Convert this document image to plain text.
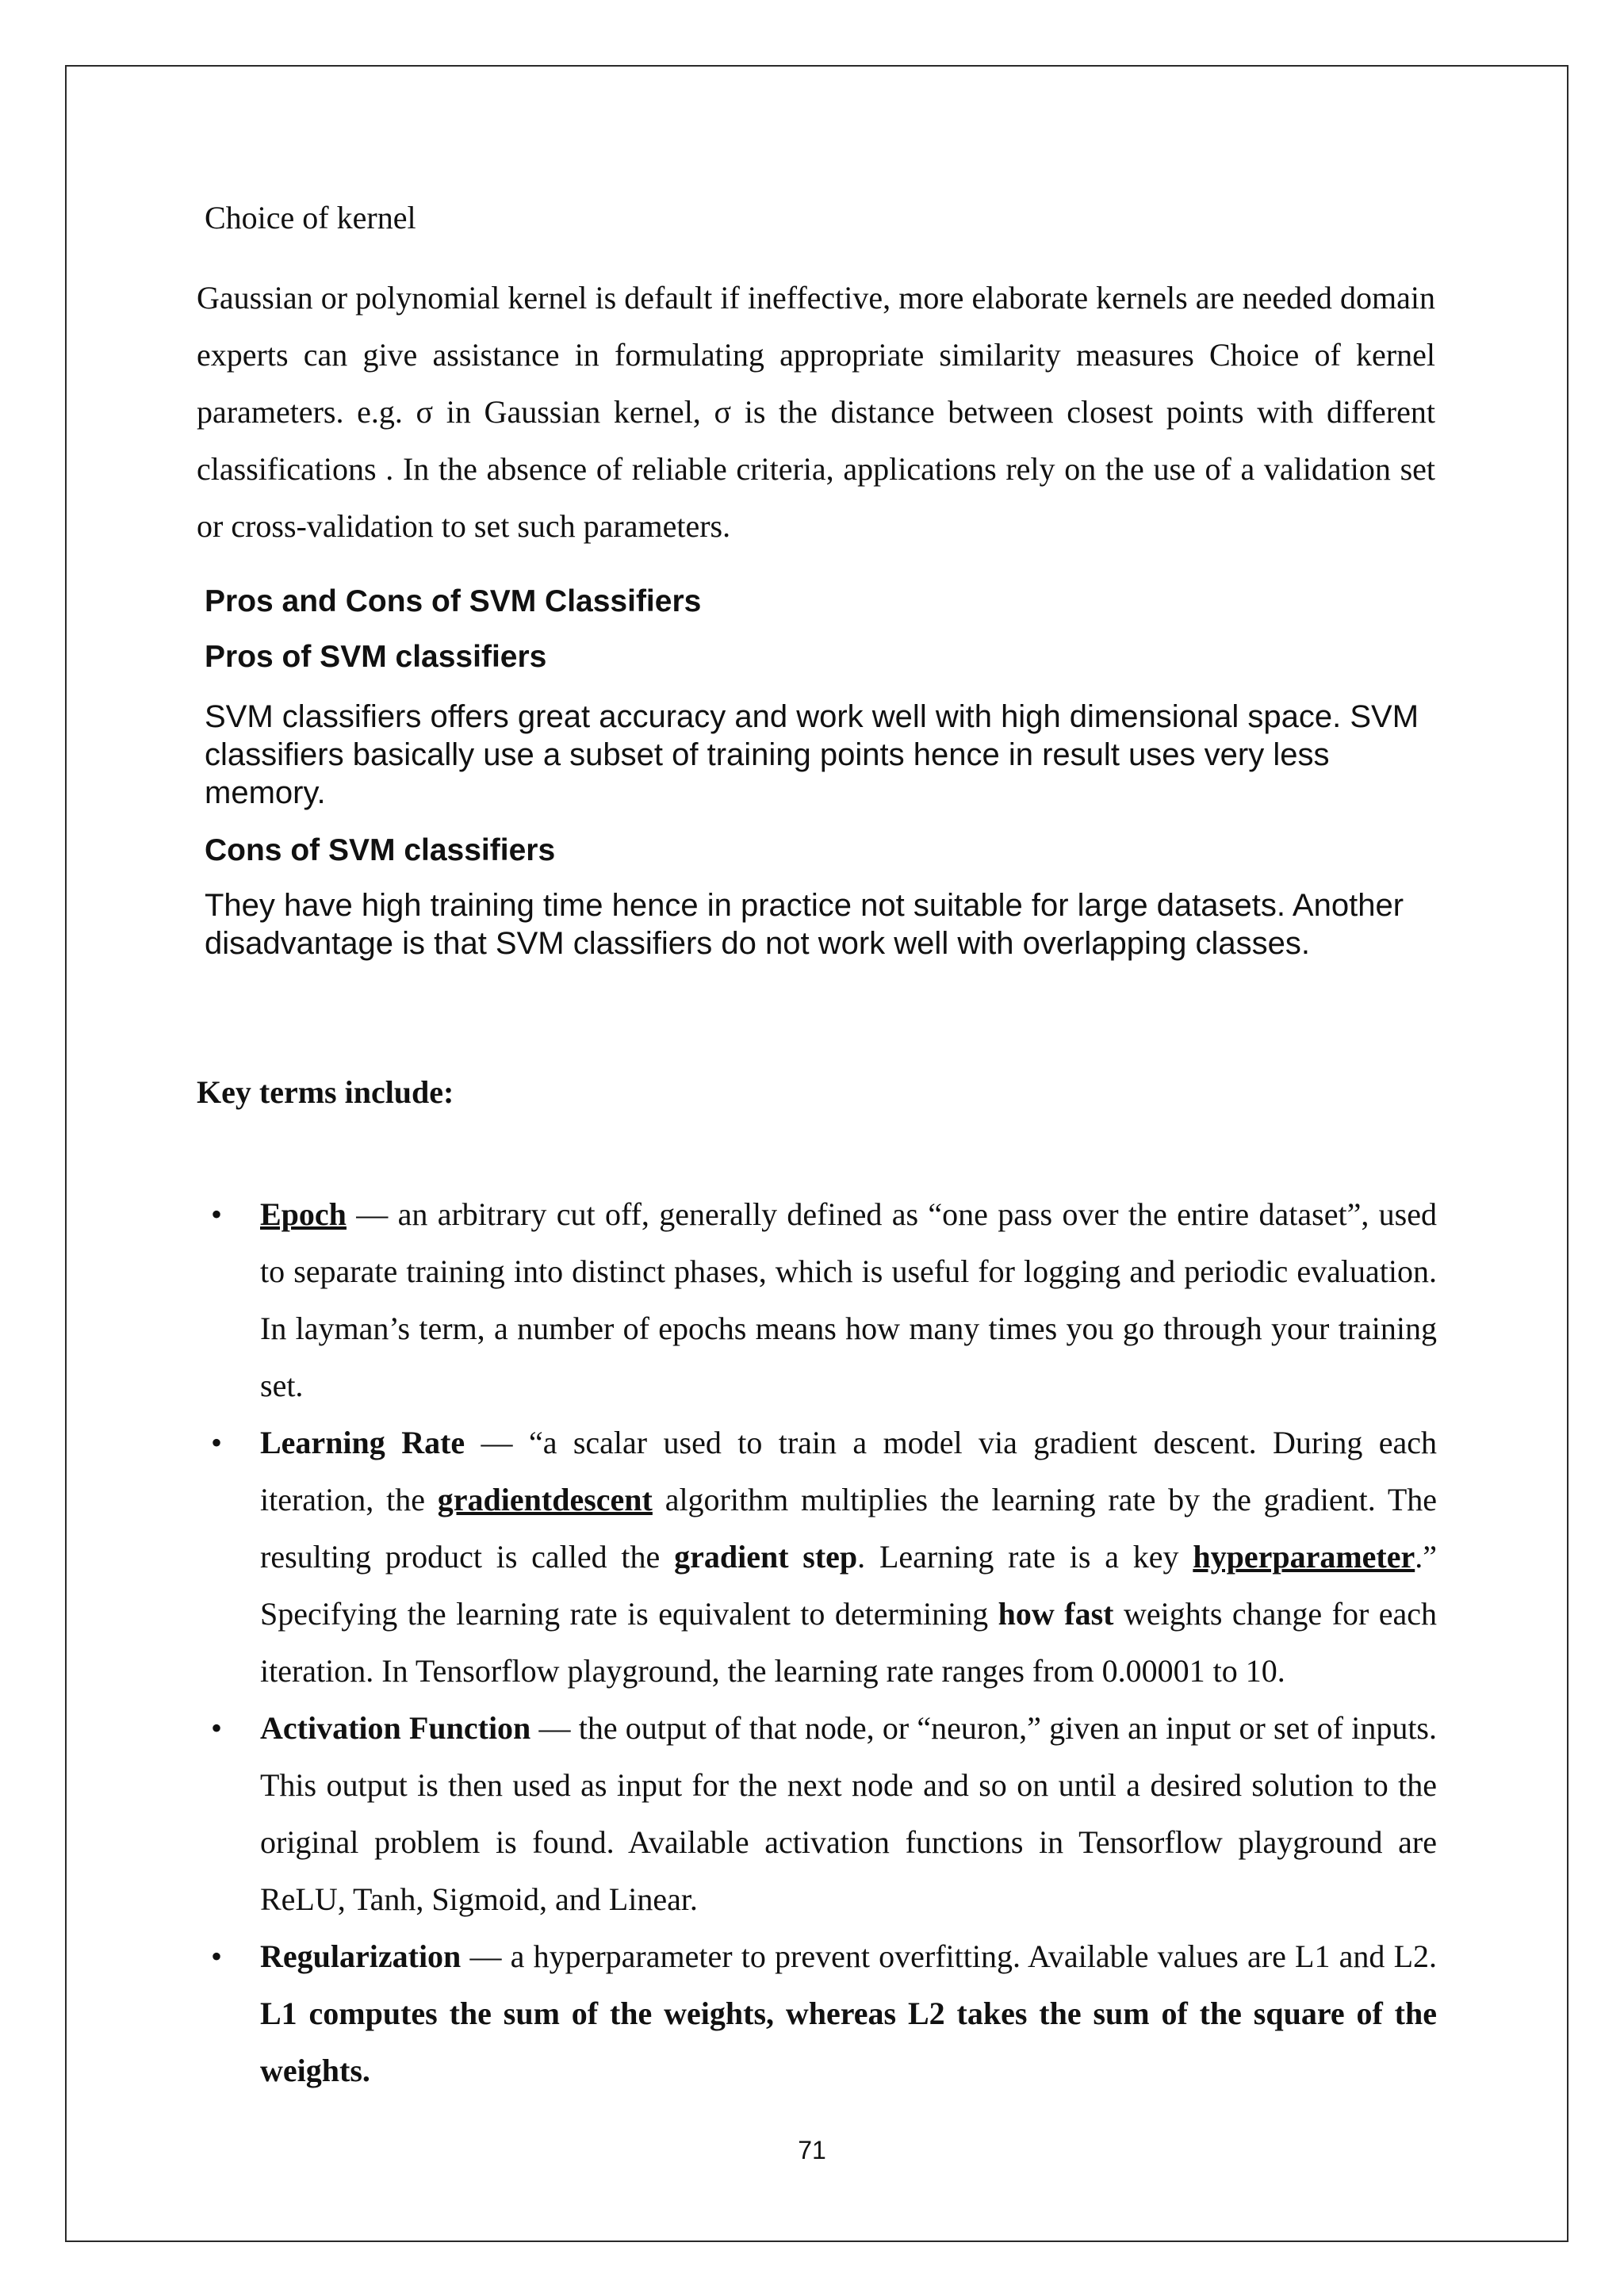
Choice of kernel
Gaussian or polynomial kernel is default if ineffective, more elaborate kernels are needed domain experts can give assistance in formulating appropriate similarity measures Choice of kernel parameters. e.g. σ in Gaussian kernel, σ is the distance between closest points with different classifications . In the absence of reliable criteria, applications rely on the use of a validation set or cross-validation to set such parameters.
Pros and Cons of SVM Classifiers
Pros of SVM classifiers
SVM classifiers offers great accuracy and work well with high dimensional space. SVM classifiers basically use a subset of training points hence in result uses very less memory.
Cons of SVM classifiers
They have high training time hence in practice not suitable for large datasets. Another disadvantage is that SVM classifiers do not work well with overlapping classes.
Key terms include:
• Epoch — an arbitrary cut off, generally defined as “one pass over the entire dataset”, used to separate training into distinct phases, which is useful for logging and periodic evaluation. In layman’s term, a number of epochs means how many times you go through your training set.
• Learning Rate — “a scalar used to train a model via gradient descent. During each iteration, the gradientdescent algorithm multiplies the learning rate by the gradient. The resulting product is called the gradient step. Learning rate is a key hyperparameter.” Specifying the learning rate is equivalent to determining how fast weights change for each iteration. In Tensorflow playground, the learning rate ranges from 0.00001 to 10.
• Activation Function — the output of that node, or “neuron,” given an input or set of inputs. This output is then used as input for the next node and so on until a desired solution to the original problem is found. Available activation functions in Tensorflow playground are ReLU, Tanh, Sigmoid, and Linear.
• Regularization — a hyperparameter to prevent overfitting. Available values are L1 and L2. L1 computes the sum of the weights, whereas L2 takes the sum of the square of the weights.
71
